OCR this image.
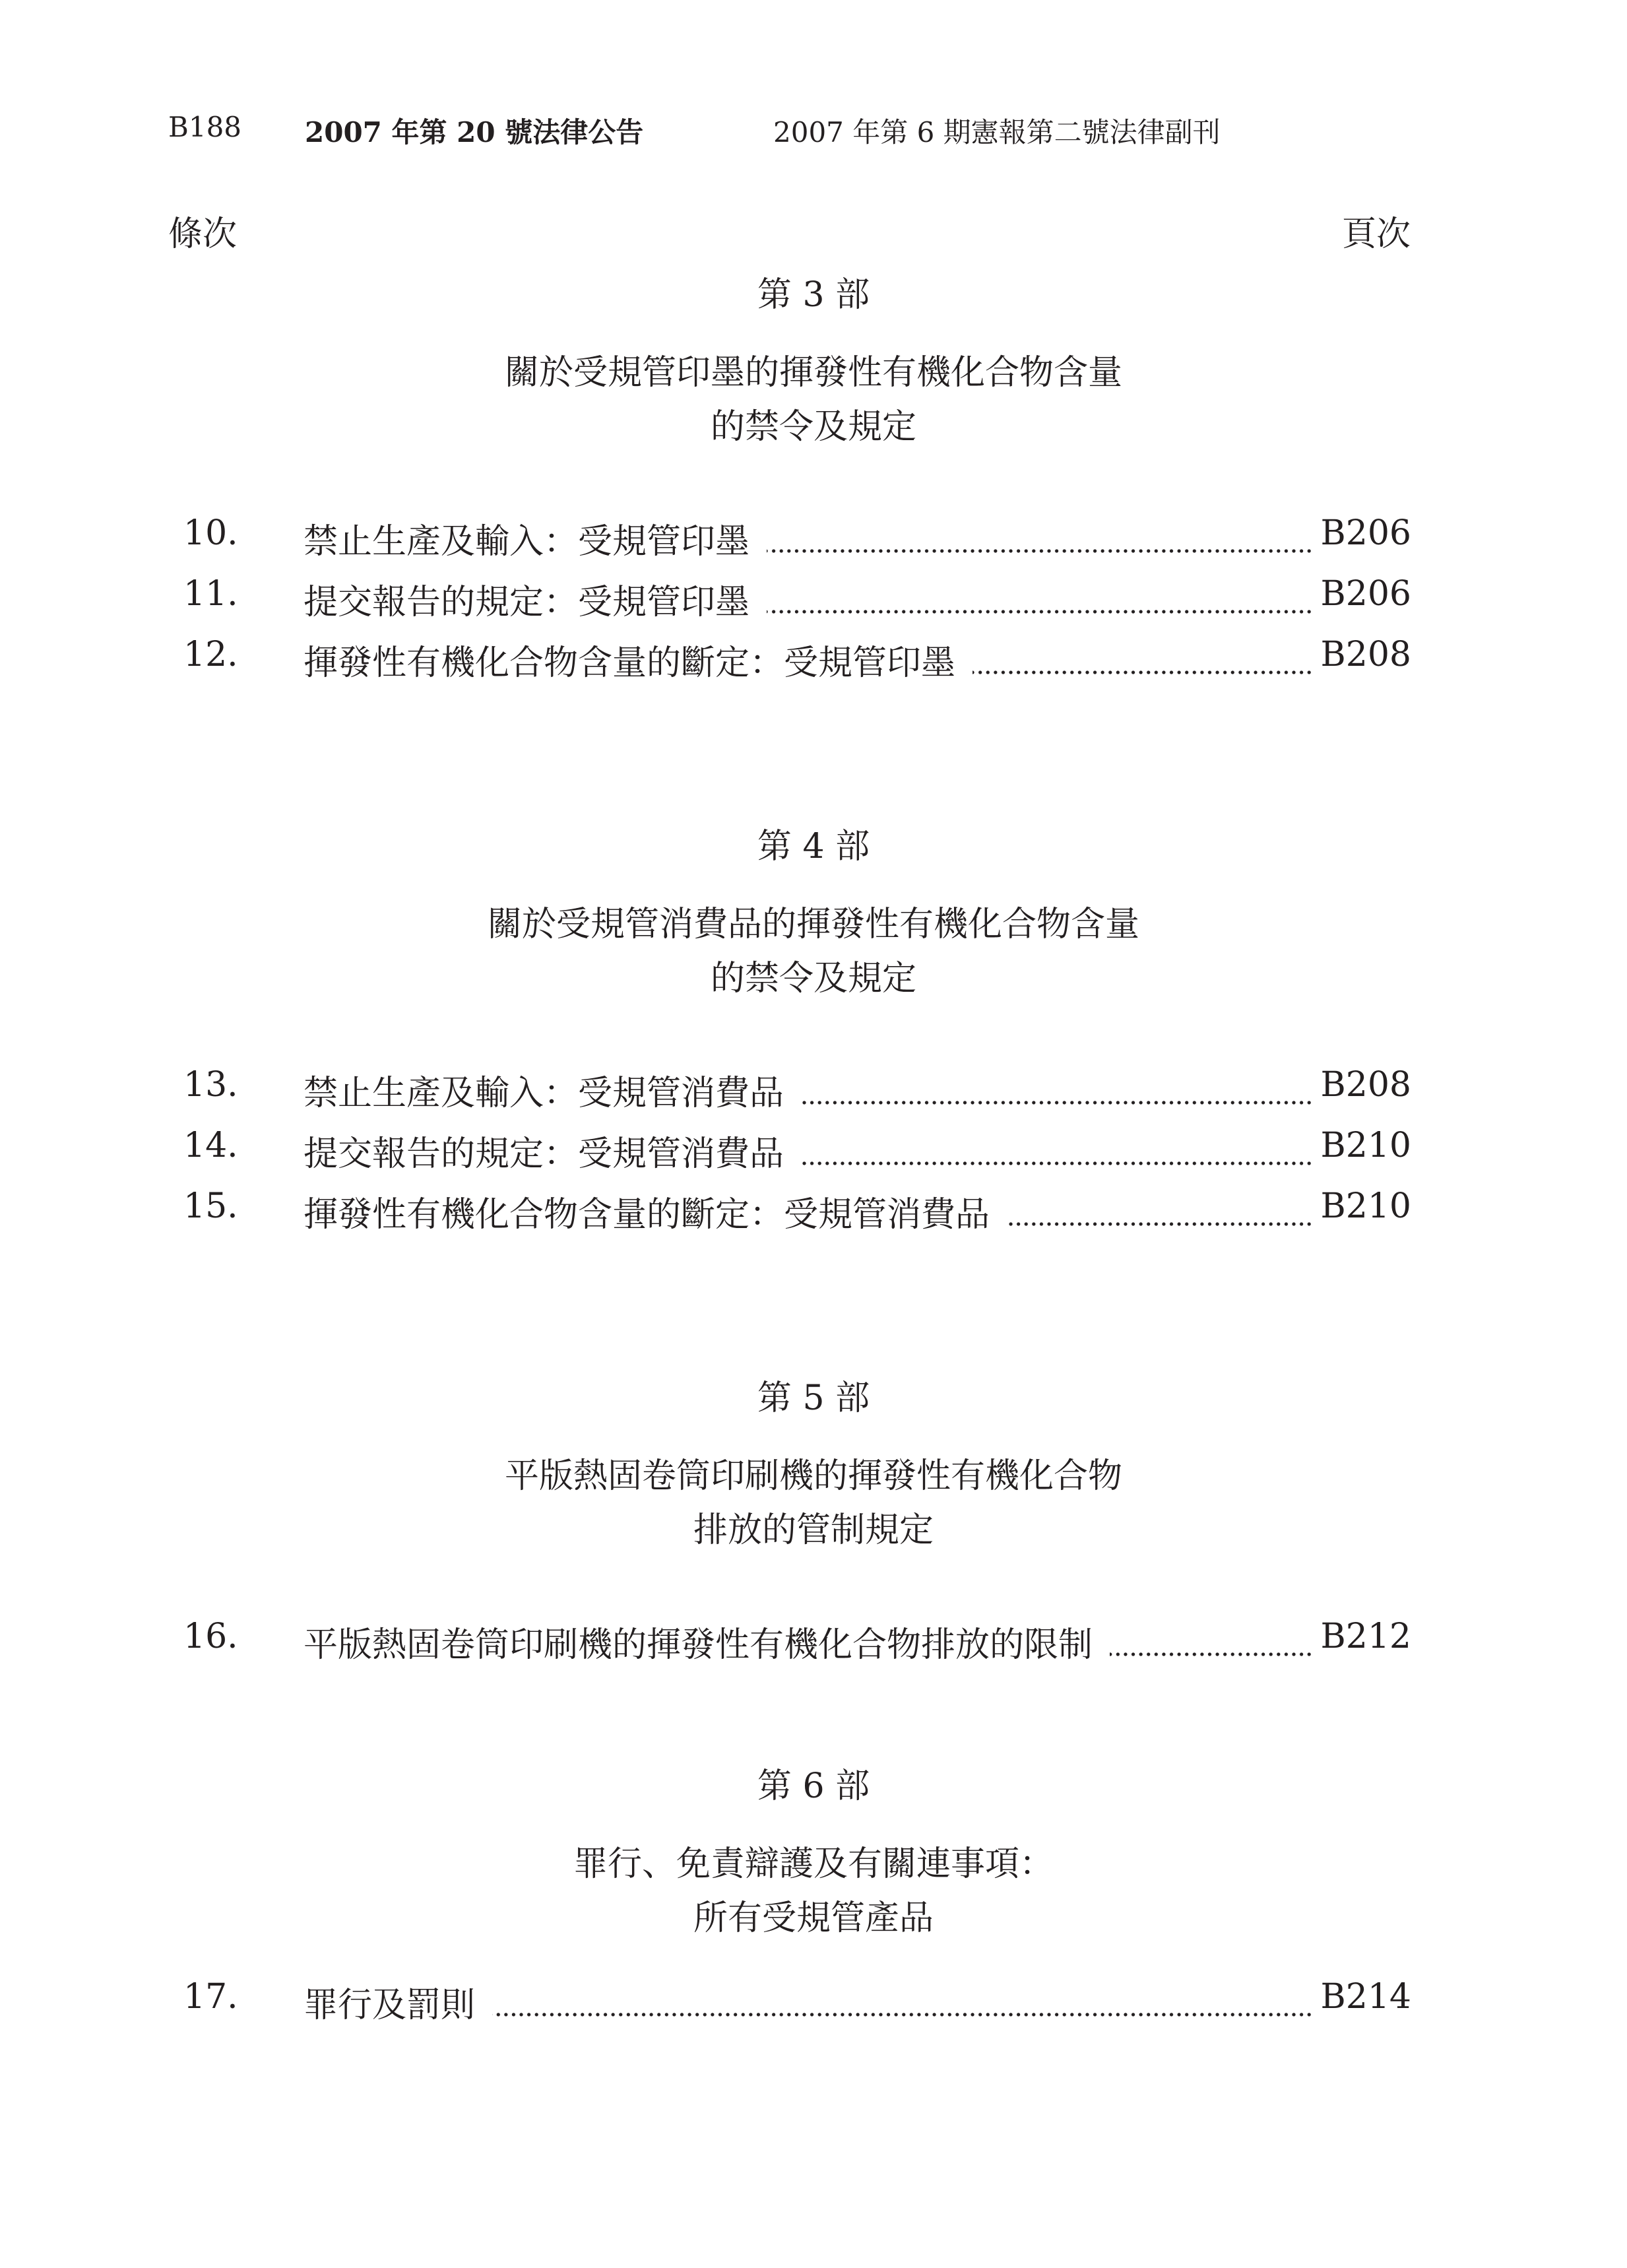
B188 2007 年第 20 號法律公告	2007 年第 6 期憲報第二號法律副刊
條次	頁次
第 3 部
關於受規管印墨的揮發性有機化合物含量
的禁令及規定
10. 禁止生產及輸入：受規管印墨	B206
11. 提交報告的規定：受規管印墨	B206
12. 揮發性有機化合物含量的斷定：受規管印墨	B208
第 4 部
關於受規管消費品的揮發性有機化合物含量
的禁令及規定
13. 禁止生產及輸入：受規管消費品	B208
14. 提交報告的規定：受規管消費品	B210
15. 揮發性有機化合物含量的斷定：受規管消費品	B210
第 5 部
平版熱固卷筒印刷機的揮發性有機化合物
排放的管制規定
16. 平版熱固卷筒印刷機的揮發性有機化合物排放的限制	B212
第 6 部
罪行、免責辯護及有關連事項：
所有受規管產品
17. 罪行及罰則	B214
